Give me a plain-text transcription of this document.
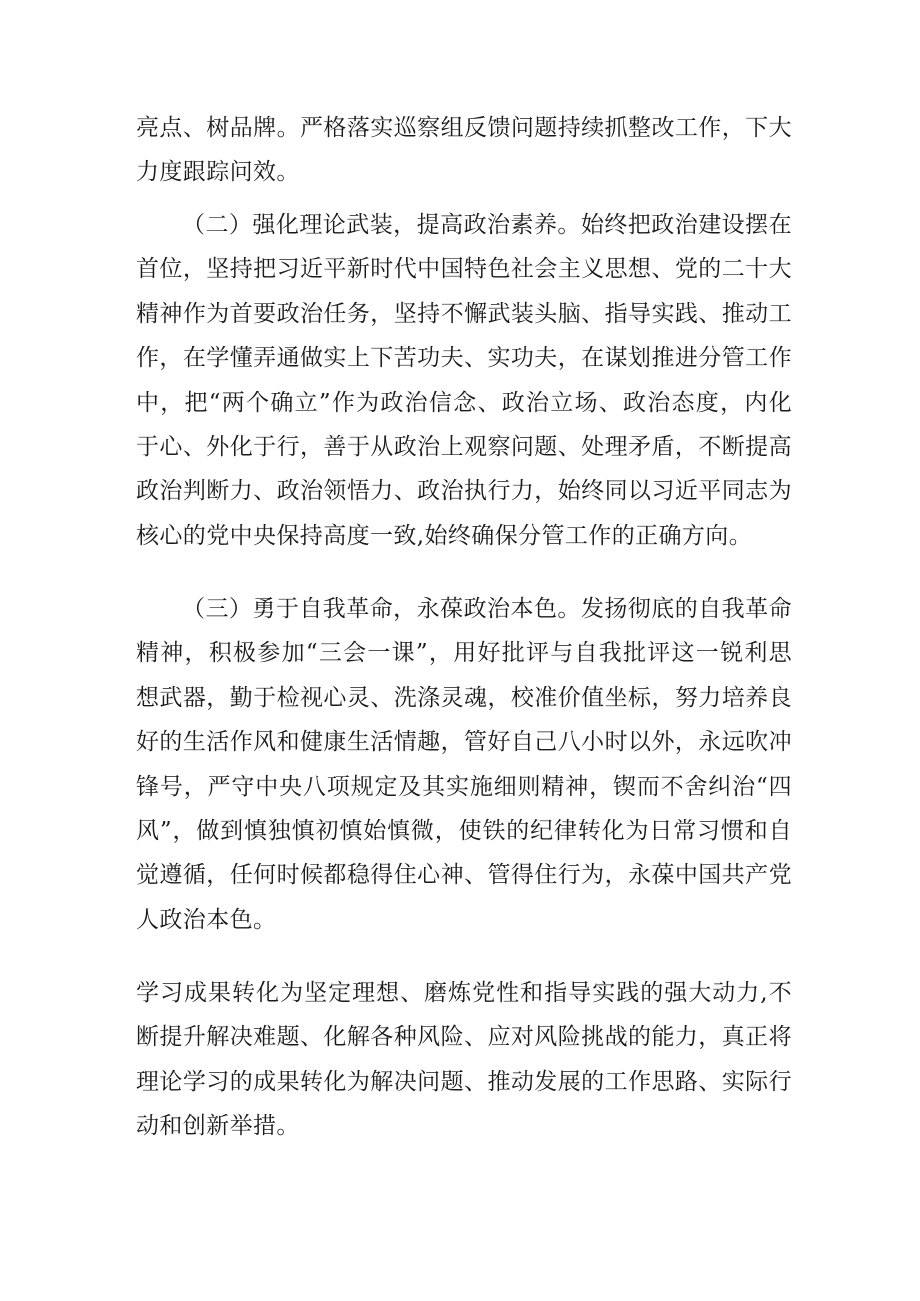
亮点、树品牌。严格落实巡察组反馈问题持续抓整改工作，下大力度跟踪问效。

（二）强化理论武装，提高政治素养。始终把政治建设摆在首位，坚持把习近平新时代中国特色社会主义思想、党的二十大精神作为首要政治任务，坚持不懈武装头脑、指导实践、推动工作，在学懂弄通做实上下苦功夫、实功夫，在谋划推进分管工作中，把“两个确立”作为政治信念、政治立场、政治态度，内化于心、外化于行，善于从政治上观察问题、处理矛盾，不断提高政治判断力、政治领悟力、政治执行力，始终同以习近平同志为核心的党中央保持高度一致,始终确保分管工作的正确方向。

（三）勇于自我革命，永葆政治本色。发扬彻底的自我革命精神，积极参加“三会一课”，用好批评与自我批评这一锐利思想武器，勤于检视心灵、洗涤灵魂，校准价值坐标，努力培养良好的生活作风和健康生活情趣，管好自己八小时以外，永远吹冲锋号，严守中央八项规定及其实施细则精神，锲而不舍纠治“四风”，做到慎独慎初慎始慎微，使铁的纪律转化为日常习惯和自觉遵循，任何时候都稳得住心神、管得住行为，永葆中国共产党人政治本色。

学习成果转化为坚定理想、磨炼党性和指导实践的强大动力,不断提升解决难题、化解各种风险、应对风险挑战的能力，真正将理论学习的成果转化为解决问题、推动发展的工作思路、实际行动和创新举措。
